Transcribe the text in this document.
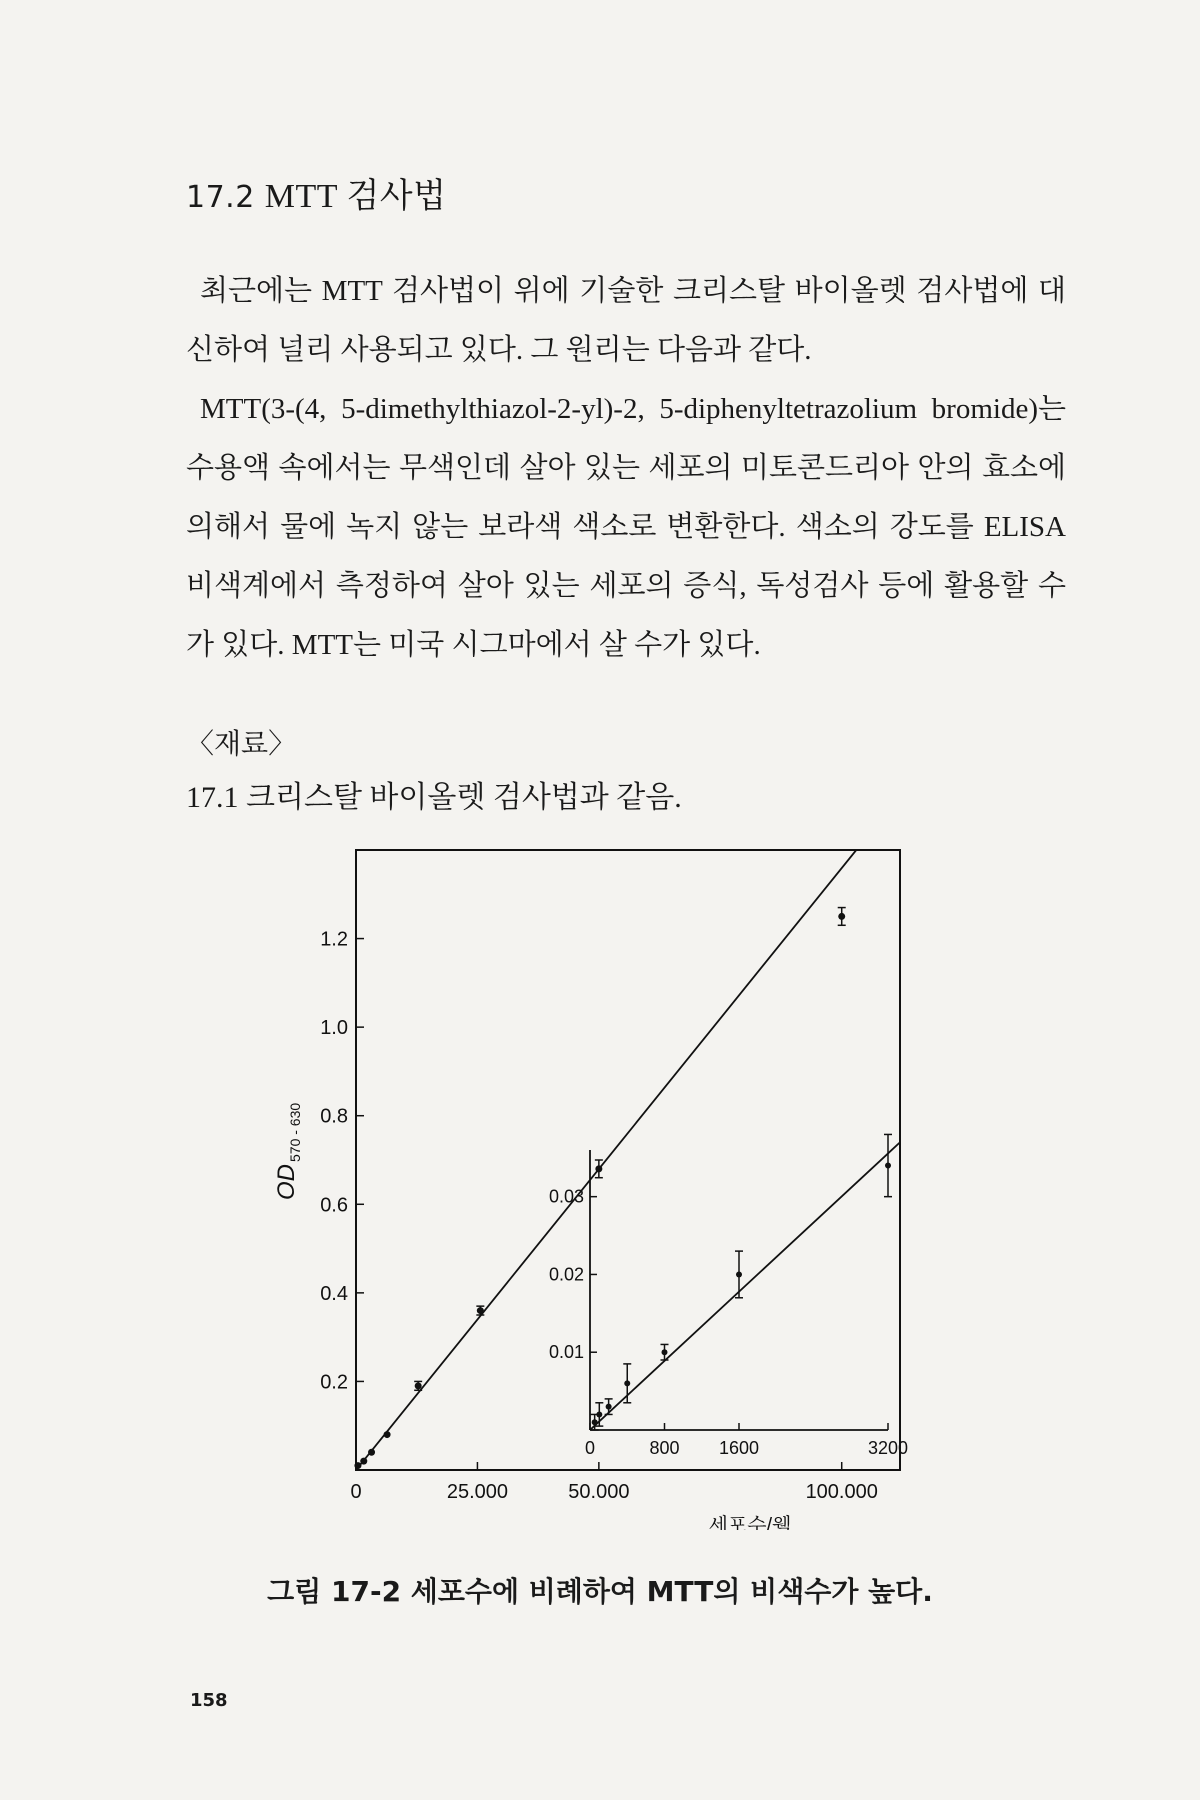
17.2 MTT 검사법

최근에는 MTT 검사법이 위에 기술한 크리스탈 바이올렛 검사법에 대신하여 널리 사용되고 있다. 그 원리는 다음과 같다.

MTT(3-(4, 5-dimethylthiazol-2-yl)-2, 5-diphenyltetrazolium bromide)는 수용액 속에서는 무색인데 살아 있는 세포의 미토콘드리아 안의 효소에 의해서 물에 녹지 않는 보라색 색소로 변환한다. 색소의 강도를 ELISA 비색계에서 측정하여 살아 있는 세포의 증식, 독성검사 등에 활용할 수가 있다. MTT는 미국 시그마에서 살 수가 있다.

〈재료〉
17.1 크리스탈 바이올렛 검사법과 같음.
0.2
0.4
0.6
0.8
1.0
1.2
0	25.000	50.000	100.000
OD
570 - 630
세포수/웰
0.01
0.02
0.03
0	800 1600	3200
그림 17-2 세포수에 비례하여 MTT의 비색수가 높다.
158
